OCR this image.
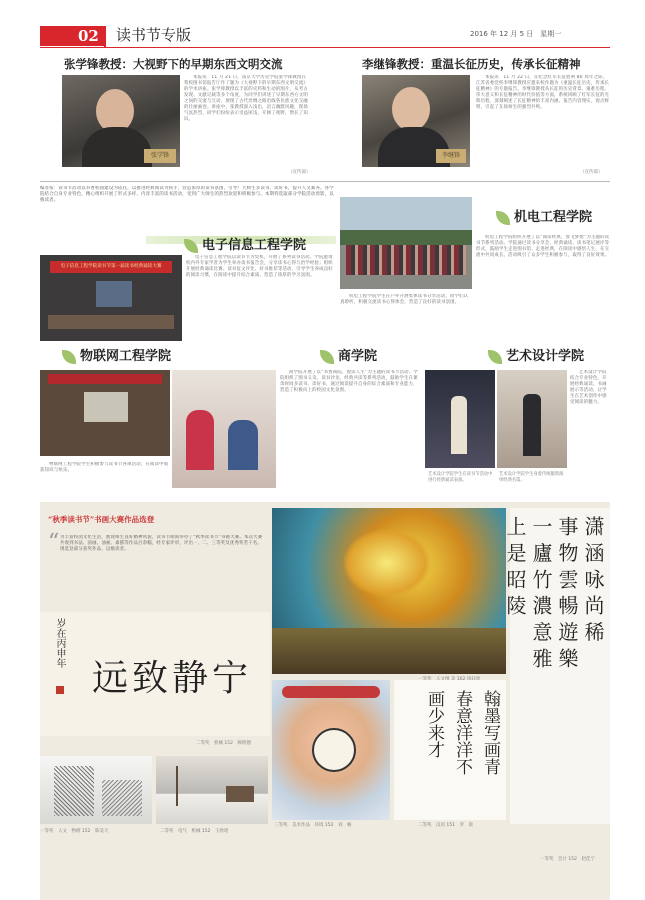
02 读书节专版	2016 年 12 月 5 日　星期一
张学锋教授：大视野下的早期东西文明交流
张学锋
本报讯　11 月 21 日，南京大学历史学院张学锋教授在我校图书馆报告厅作了题为《大视野下的早期东西文明交流》的学术讲座。张学锋教授以丰富的史料和生动的图片，从考古发现、文献记载等多个角度，为同学们讲述了早期东西方文明之间的交流与互动，展现了古代丝绸之路沿线各民族文化交融的壮丽画卷。讲座中，张教授深入浅出，语言幽默风趣，现场气氛热烈，同学们纷纷表示受益匪浅，开阔了视野，增长了知识。
（宣传部）
李继锋教授：重温长征历史，传承长征精神
李继锋
本报讯　11 月 22 日，在纪念红军长征胜利 80 周年之际，江苏省委党校李继锋教授应邀来校作题为《重温长征历史，传承长征精神》的专题报告。李继锋教授从长征的历史背景、艰难历程、伟大意义和长征精神的时代价值等方面，系统回顾了红军长征的光辉历程，深刻阐述了长征精神的丰富内涵。报告内容翔实，观点鲜明，引起了在场师生的强烈共鸣。
（宣传部）
编者按：读书节活动以书香校园建设为依托，以推进经典阅读为抓手，营造浓厚的读书氛围，引导广大师生多读书、读好书，提升人文素养。各学院结合自身专业特色，精心组织开展了形式多样、内容丰富的读书活动，受到广大师生的热烈欢迎和积极参与。本期特选取部分学院活动剪影，以飨读者。
电子信息工程学院
电子信息工程学院读书节第一届读书经典诵读大赛
电子信息工程学院以读书节为契机，开展了系列读书活动。学院邀请校内外专家学者为学生举办读书报告会，分享读书心得与治学经验；组织开展经典诵读比赛、读书征文评比、好书推荐等活动，引导学生养成良好的阅读习惯，在阅读中提升综合素质，营造了浓厚的学习氛围。
机电工程学院
机电工程学院组织开展了以“阅读经典，放飞梦想”为主题的读书节系列活动。学院通过读书分享会、经典诵读、读书笔记展评等形式，鼓励学生走进图书馆、走进经典，在阅读中感悟人生，在交流中共同成长。活动吸引了众多学生积极参与，取得了良好效果。
机电工程学院学生在户外开展集体读书分享活动，同学们认真聆听，积极交流读书心得体会，营造了良好的读书氛围。
物联网工程学院	商学院	艺术设计学院
物联网工程学院学生积极参与读书节各项活动，在阅读中收获知识与快乐。
商学院开展了以“书香商院，悦读人生”为主题的读书节活动。学院组织了图书义卖、读书沙龙、经典共读等系列活动，鼓励学生在课余时间多读书、读好书，通过阅读提升自身的综合素质和专业能力，营造了积极向上的校园文化氛围。
艺术设计学院结合专业特色，开展经典诵读、书画展示等活动，让学生在艺术创作中感受阅读的魅力。
艺术设计学院学生在读书节活动中进行经典诵读表演。
艺术设计学院学生身着传统服饰演绎经典名篇。
“秋季读书节”书画大赛作品选登
“ 为丰富校园文化生活，展现师生良好精神风貌，读书节期间举办了“秋季读书节”书画大赛。本次大赛共收到书法、国画、油画、素描等作品百余幅，经专家评审，评出一、二、三等奖及优秀奖若干名。现选登部分获奖作品，以飨读者。
岁在丙申年
宁静致远
二等奖　机械 152　顾明德
潇 涵 咏 尚 稀
事 物 雲 暢 遊 樂
一 廬 竹 濃 意 雅
上 是 昭 陵
一等奖　会计 152　赵佳宁
三等奖　美术作品　环境 152　刘　畅
翰墨写画青
春意洋洋不
画少来才
二等奖　汉语 151　罗　晨
一等奖　人文　物理 152　陈昊天	二等奖　电气　机械 152　王欣瑶
